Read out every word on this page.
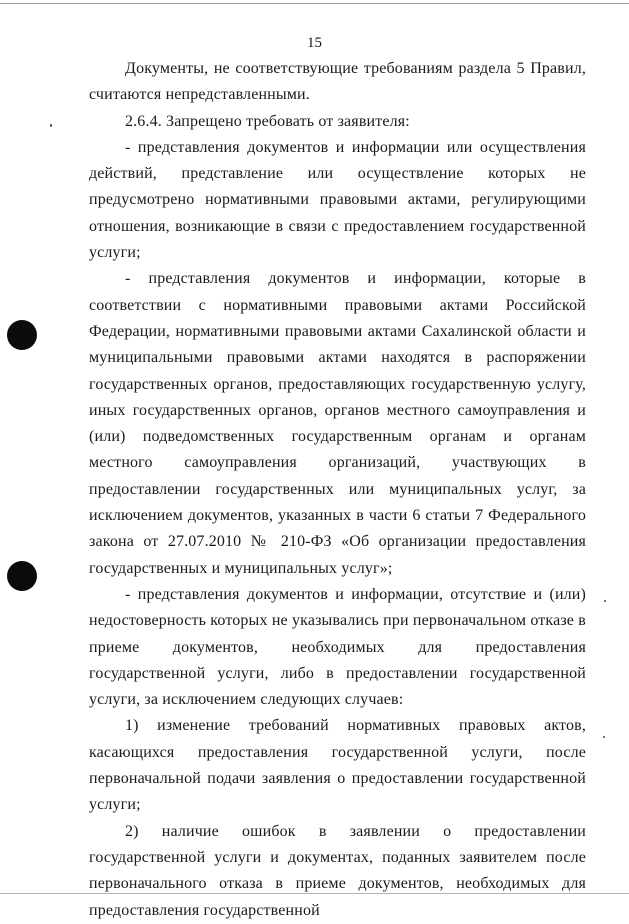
15

Документы, не соответствующие требованиям раздела 5 Правил, считаются непредставленными.

2.6.4. Запрещено требовать от заявителя:

- представления документов и информации или осуществления действий, представление или осуществление которых не предусмотрено нормативными правовыми актами, регулирующими отношения, возникающие в связи с предоставлением государственной услуги;

- представления документов и информации, которые в соответствии с нормативными правовыми актами Российской Федерации, нормативными правовыми актами Сахалинской области и муниципальными правовыми актами находятся в распоряжении государственных органов, предоставляющих государственную услугу, иных государственных органов, органов местного самоуправления и (или) подведомственных государственным органам и органам местного самоуправления организаций, участвующих в предоставлении государственных или муниципальных услуг, за исключением документов, указанных в части 6 статьи 7 Федерального закона от 27.07.2010 № 210-ФЗ «Об организации предоставления государственных и муниципальных услуг»;

- представления документов и информации, отсутствие и (или) недостоверность которых не указывались при первоначальном отказе в приеме документов, необходимых для предоставления государственной услуги, либо в предоставлении государственной услуги, за исключением следующих случаев:

1) изменение требований нормативных правовых актов, касающихся предоставления государственной услуги, после первоначальной подачи заявления о предоставлении государственной услуги;

2) наличие ошибок в заявлении о предоставлении государственной услуги и документах, поданных заявителем после первоначального отказа в приеме документов, необходимых для предоставления государственной
